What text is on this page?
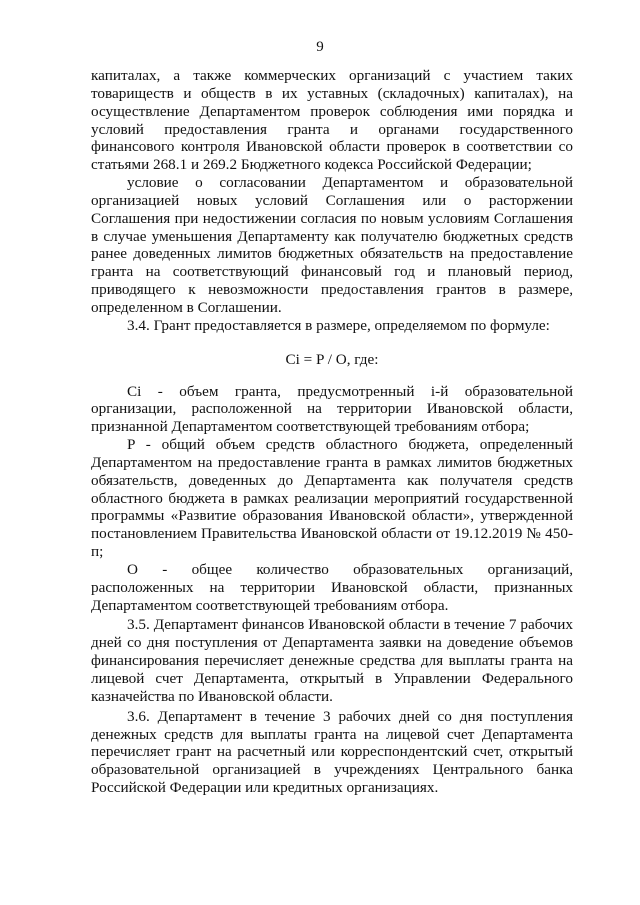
9

капиталах, а также коммерческих организаций с участием таких товариществ и обществ в их уставных (складочных) капиталах), на осуществление Департаментом проверок соблюдения ими порядка и условий предоставления гранта и органами государственного финансового контроля Ивановской области проверок в соответствии со статьями 268.1 и 269.2 Бюджетного кодекса Российской Федерации;

условие о согласовании Департаментом и образовательной организацией новых условий Соглашения или о расторжении Соглашения при недостижении согласия по новым условиям Соглашения в случае уменьшения Департаменту как получателю бюджетных средств ранее доведенных лимитов бюджетных обязательств на предоставление гранта на соответствующий финансовый год и плановый период, приводящего к невозможности предоставления грантов в размере, определенном в Соглашении.

3.4. Грант предоставляется в размере, определяемом по формуле:

Ci = P / O, где:

Ci - объем гранта, предусмотренный i-й образовательной организации, расположенной на территории Ивановской области, признанной Департаментом соответствующей требованиям отбора;

P - общий объем средств областного бюджета, определенный Департаментом на предоставление гранта в рамках лимитов бюджетных обязательств, доведенных до Департамента как получателя средств областного бюджета в рамках реализации мероприятий государственной программы «Развитие образования Ивановской области», утвержденной постановлением Правительства Ивановской области от 19.12.2019 № 450-п;

O - общее количество образовательных организаций, расположенных на территории Ивановской области, признанных Департаментом соответствующей требованиям отбора.

3.5. Департамент финансов Ивановской области в течение 7 рабочих дней со дня поступления от Департамента заявки на доведение объемов финансирования перечисляет денежные средства для выплаты гранта на лицевой счет Департамента, открытый в Управлении Федерального казначейства по Ивановской области.

3.6. Департамент в течение 3 рабочих дней со дня поступления денежных средств для выплаты гранта на лицевой счет Департамента перечисляет грант на расчетный или корреспондентский счет, открытый образовательной организацией в учреждениях Центрального банка Российской Федерации или кредитных организациях.
